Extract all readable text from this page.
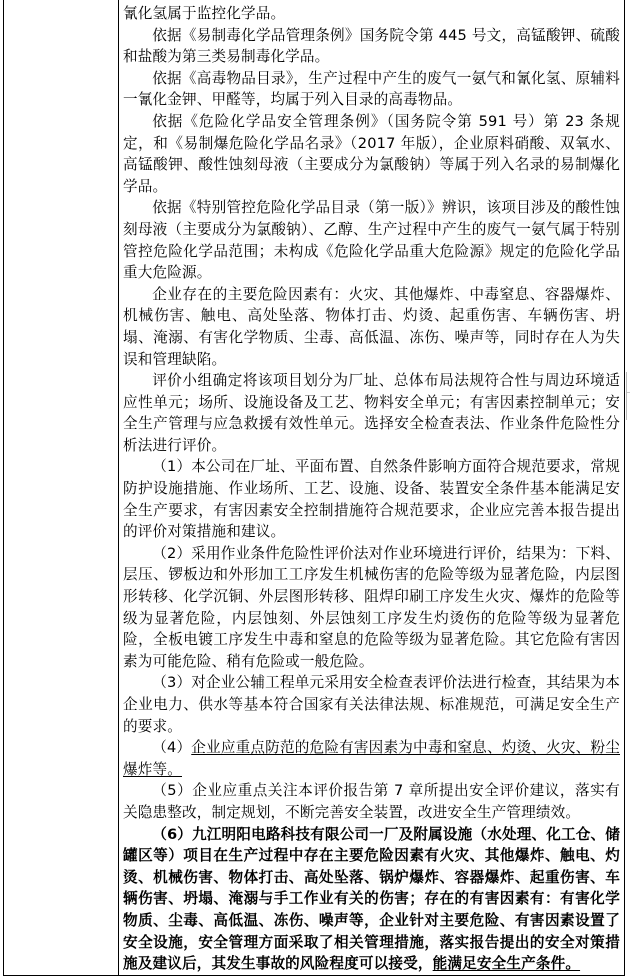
氰化氢属于监控化学品。

依据《易制毒化学品管理条例》国务院令第 445 号文，高锰酸钾、硫酸和盐酸为第三类易制毒化学品。

依据《高毒物品目录》，生产过程中产生的废气一氨气和氰化氢、原辅料一氰化金钾、甲醛等，均属于列入目录的高毒物品。

依据《危险化学品安全管理条例》（国务院令第 591 号）第 23 条规定，和《易制爆危险化学品名录》（2017 年版），企业原料硝酸、双氧水、高锰酸钾、酸性蚀刻母液（主要成分为氯酸钠）等属于列入名录的易制爆化学品。

依据《特别管控危险化学品目录（第一版）》辨识，该项目涉及的酸性蚀刻母液（主要成分为氯酸钠）、乙醇、生产过程中产生的废气一氨气属于特别管控危险化学品范围；未构成《危险化学品重大危险源》规定的危险化学品重大危险源。

企业存在的主要危险因素有：火灾、其他爆炸、中毒窒息、容器爆炸、机械伤害、触电、高处坠落、物体打击、灼烫、起重伤害、车辆伤害、坍塌、淹溺、有害化学物质、尘毒、高低温、冻伤、噪声等，同时存在人为失误和管理缺陷。

评价小组确定将该项目划分为厂址、总体布局法规符合性与周边环境适应性单元；场所、设施设备及工艺、物料安全单元；有害因素控制单元；安全生产管理与应急救援有效性单元。选择安全检查表法、作业条件危险性分析法进行评价。

（1）本公司在厂址、平面布置、自然条件影响方面符合规范要求，常规防护设施措施、作业场所、工艺、设施、设备、装置安全条件基本能满足安全生产要求，有害因素安全控制措施符合规范要求，企业应完善本报告提出的评价对策措施和建议。

（2）采用作业条件危险性评价法对作业环境进行评价，结果为：下料、层压、锣板边和外形加工工序发生机械伤害的危险等级为显著危险，内层图形转移、化学沉铜、外层图形转移、阻焊印刷工序发生火灾、爆炸的危险等级为显著危险，内层蚀刻、外层蚀刻工序发生灼烫伤的危险等级为显著危险，全板电镀工序发生中毒和窒息的危险等级为显著危险。其它危险有害因素为可能危险、稍有危险或一般危险。

（3）对企业公辅工程单元采用安全检查表评价法进行检查，其结果为本企业电力、供水等基本符合国家有关法律法规、标准规范，可满足安全生产的要求。

（4）企业应重点防范的危险有害因素为中毒和窒息、灼烫、火灾、粉尘爆炸等。

（5）企业应重点关注本评价报告第 7 章所提出安全评价建议，落实有关隐患整改，制定规划，不断完善安全装置，改进安全生产管理绩效。

（6）九江明阳电路科技有限公司一厂及附属设施（水处理、化工仓、储罐区等）项目在生产过程中存在主要危险因素有火灾、其他爆炸、触电、灼烫、机械伤害、物体打击、高处坠落、锅炉爆炸、容器爆炸、起重伤害、车辆伤害、坍塌、淹溺与手工作业有关的伤害；存在的有害因素有：有害化学物质、尘毒、高低温、冻伤、噪声等，企业针对主要危险、有害因素设置了安全设施，安全管理方面采取了相关管理措施，落实报告提出的安全对策措施及建议后，其发生事故的风险程度可以接受，能满足安全生产条件。
